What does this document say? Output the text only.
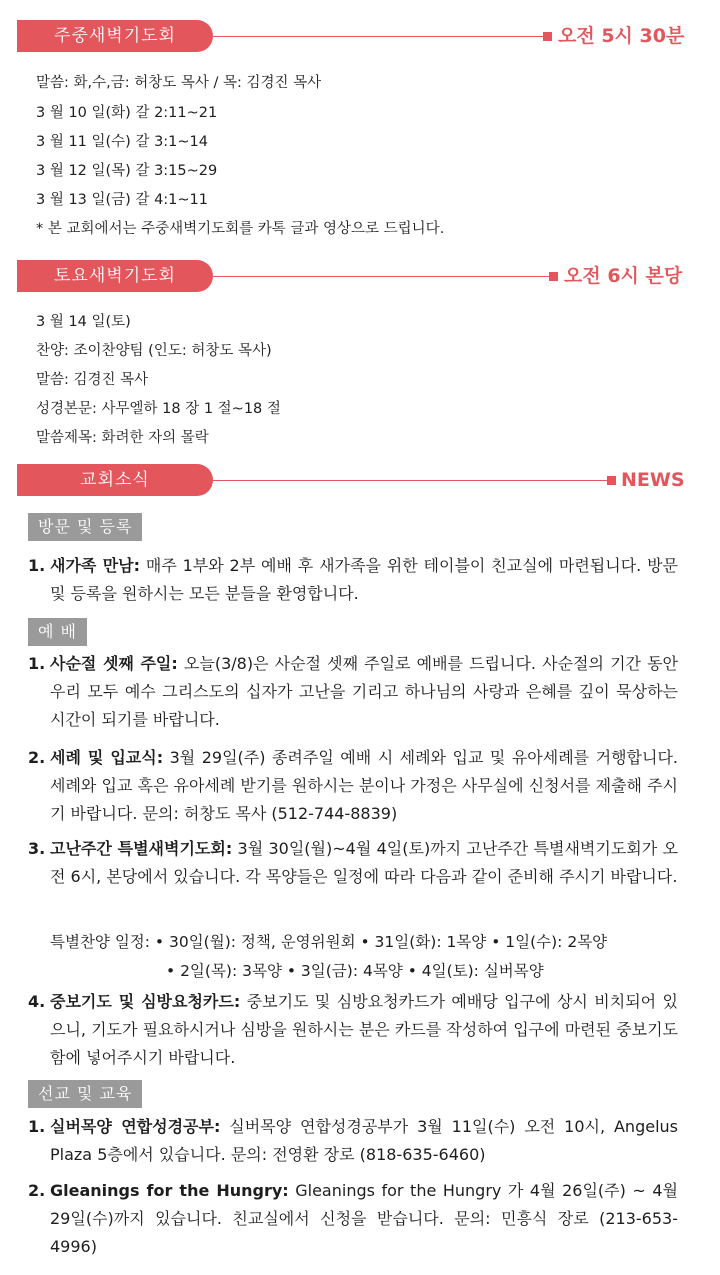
주중새벽기도회	오전 5시 30분
말씀: 화,수,금: 허창도 목사 / 목: 김경진 목사
3 월 10 일(화) 갈 2:11~21
3 월 11 일(수) 갈 3:1~14
3 월 12 일(목) 갈 3:15~29
3 월 13 일(금) 갈 4:1~11
* 본 교회에서는 주중새벽기도회를 카톡 글과 영상으로 드립니다.
토요새벽기도회	오전 6시 본당
3 월 14 일(토)
찬양: 조이찬양팀 (인도: 허창도 목사)
말씀: 김경진 목사
성경본문: 사무엘하 18 장 1 절~18 절
말씀제목: 화려한 자의 몰락
교회소식	NEWS
방문 및 등록
1. 새가족 만남: 매주 1부와 2부 예배 후 새가족을 위한 테이블이 친교실에 마련됩니다. 방문 및 등록을 원하시는 모든 분들을 환영합니다.
예 배
1. 사순절 셋째 주일: 오늘(3/8)은 사순절 셋째 주일로 예배를 드립니다. 사순절의 기간 동안 우리 모두 예수 그리스도의 십자가 고난을 기리고 하나님의 사랑과 은혜를 깊이 묵상하는 시간이 되기를 바랍니다.
2. 세례 및 입교식: 3월 29일(주) 종려주일 예배 시 세례와 입교 및 유아세례를 거행합니다. 세례와 입교 혹은 유아세례 받기를 원하시는 분이나 가정은 사무실에 신청서를 제출해 주시기 바랍니다. 문의: 허창도 목사 (512-744-8839)
3. 고난주간 특별새벽기도회: 3월 30일(월)~4월 4일(토)까지 고난주간 특별새벽기도회가 오전 6시, 본당에서 있습니다. 각 목양들은 일정에 따라 다음과 같이 준비해 주시기 바랍니다.
특별찬양 일정: • 30일(월): 정책, 운영위원회 • 31일(화): 1목양 • 1일(수): 2목양
• 2일(목): 3목양 • 3일(금): 4목양 • 4일(토): 실버목양
4. 중보기도 및 심방요청카드: 중보기도 및 심방요청카드가 예배당 입구에 상시 비치되어 있으니, 기도가 필요하시거나 심방을 원하시는 분은 카드를 작성하여 입구에 마련된 중보기도함에 넣어주시기 바랍니다.
선교 및 교육
1. 실버목양 연합성경공부: 실버목양 연합성경공부가 3월 11일(수) 오전 10시, Angelus Plaza 5층에서 있습니다. 문의: 전영환 장로 (818-635-6460)
2. Gleanings for the Hungry: Gleanings for the Hungry 가 4월 26일(주) ~ 4월29일(수)까지 있습니다. 친교실에서 신청을 받습니다. 문의: 민흥식 장로 (213-653-4996)
